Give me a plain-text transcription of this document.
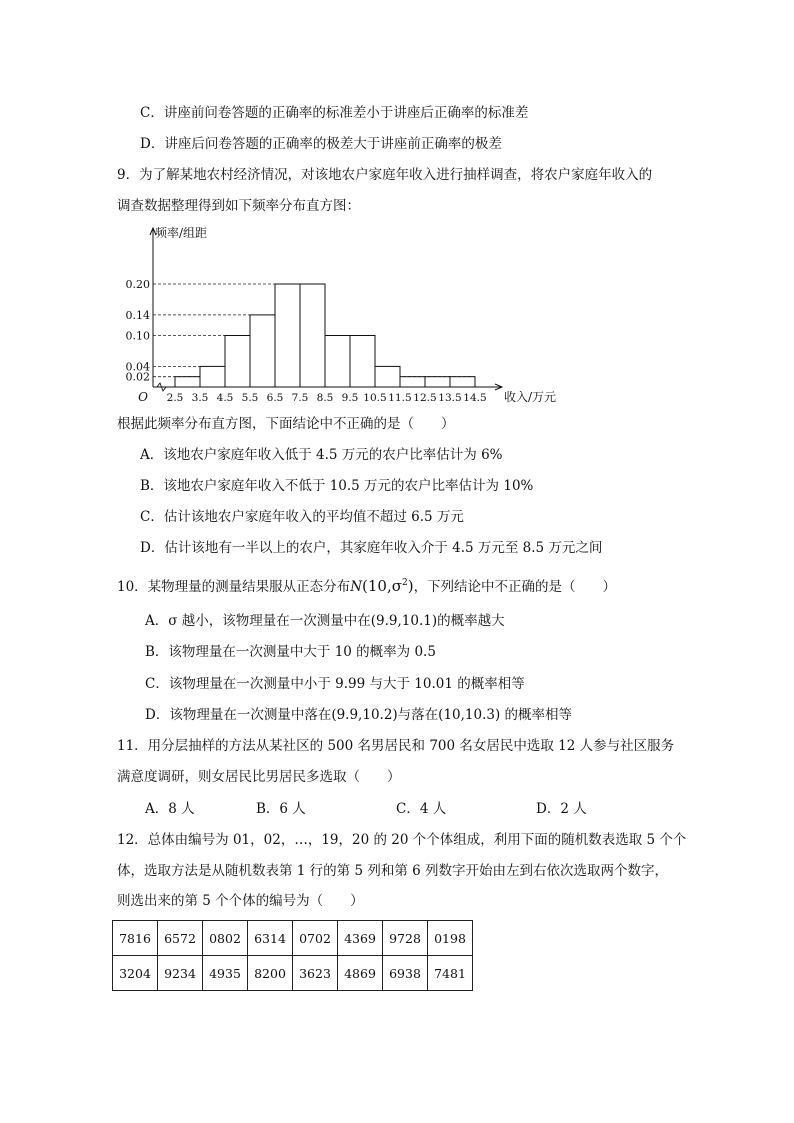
C．讲座前问卷答题的正确率的标准差小于讲座后正确率的标准差
D．讲座后问卷答题的正确率的极差大于讲座前正确率的极差
9．为了解某地农村经济情况，对该地农户家庭年收入进行抽样调查，将农户家庭年收入的
调查数据整理得到如下频率分布直方图：
0.02
0.04
0.10
0.14
0.20
2.5 3.5 4.5 5.5 6.5 7.5 8.5 9.5 10.5 11.5 12.5 13.5 14.5
O
频率/组距
收入/万元
根据此频率分布直方图，下面结论中不正确的是（　　）
A．该地农户家庭年收入低于 4.5 万元的农户比率估计为 6%
B．该地农户家庭年收入不低于 10.5 万元的农户比率估计为 10%
C．估计该地农户家庭年收入的平均值不超过 6.5 万元
D．估计该地有一半以上的农户，其家庭年收入介于 4.5 万元至 8.5 万元之间
10．某物理量的测量结果服从正态分布$N(10,\sigma^2)$，下列结论中不正确的是（　　）
A．σ 越小，该物理量在一次测量中在(9.9,10.1)的概率越大
B．该物理量在一次测量中大于 10 的概率为 0.5
C．该物理量在一次测量中小于 9.99 与大于 10.01 的概率相等
D．该物理量在一次测量中落在(9.9,10.2)与落在(10,10.3) 的概率相等
11．用分层抽样的方法从某社区的 500 名男居民和 700 名女居民中选取 12 人参与社区服务
满意度调研，则女居民比男居民多选取（　　）
A．8 人	B．6 人	C．4 人	D．2 人
12．总体由编号为 01，02，…，19，20 的 20 个个体组成，利用下面的随机数表选取 5 个个
体，选取方法是从随机数表第 1 行的第 5 列和第 6 列数字开始由左到右依次选取两个数字，
则选出来的第 5 个个体的编号为（　　）
7816	6572	0802	6314	0702	4369	9728	0198
3204	9234	4935	8200	3623	4869	6938	7481
